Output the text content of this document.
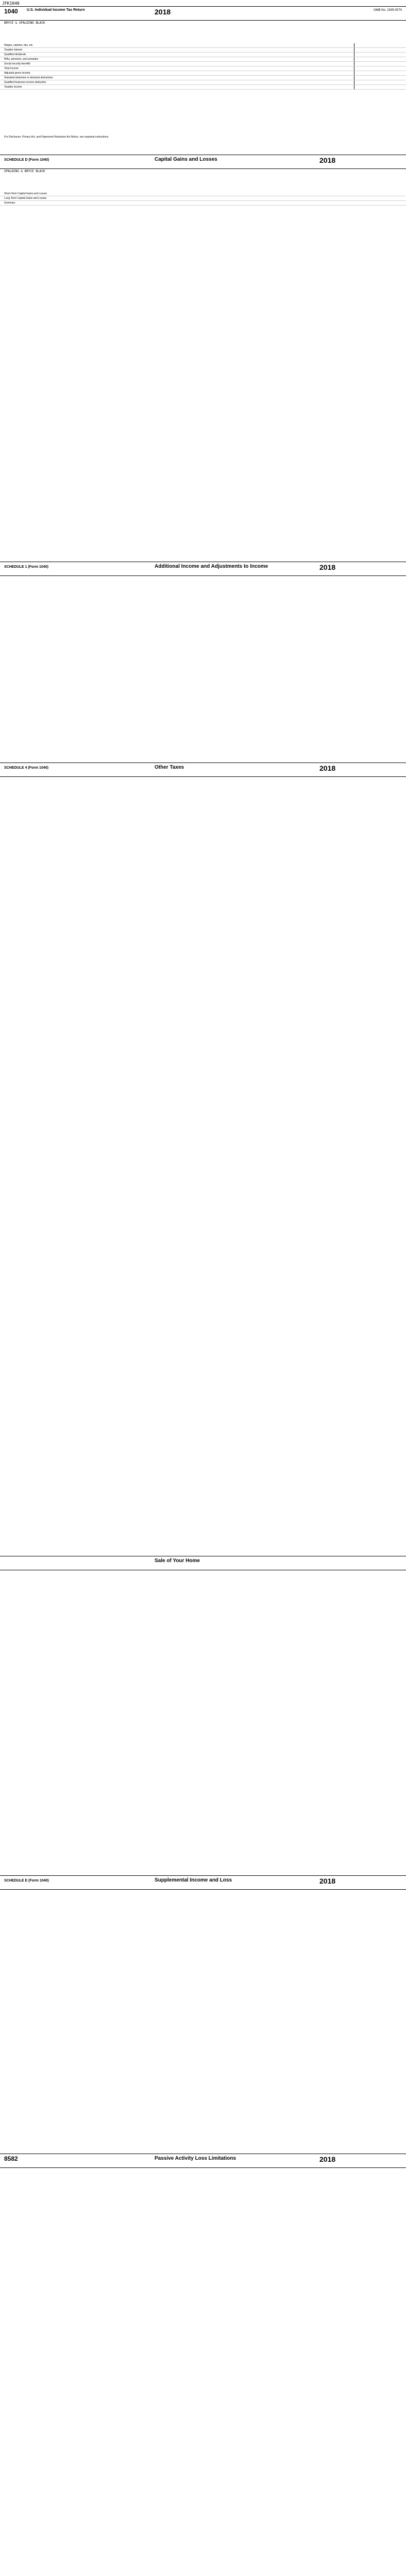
JFK1040
1040 U.S. Individual Income Tax Return	2018	OMB No. 1545-0074
BRYCE & SPALDING BLACK
Wages, salaries, tips, etc.
Taxable interest
Qualified dividends
IRAs, pensions, and annuities
Social security benefits
Total income
Adjusted gross income
Standard deduction or itemized deductions
Qualified business income deduction
Taxable income
For Disclosure, Privacy Act, and Paperwork Reduction Act Notice, see separate instructions.
SCHEDULE D (Form 1040)	Capital Gains and Losses	2018
SPALDING & BRYCE BLACK
Short-Term Capital Gains and Losses
Long-Term Capital Gains and Losses
Summary
SCHEDULE 1 (Form 1040)	Additional Income and Adjustments to Income	2018
SCHEDULE 4 (Form 1040)	Other Taxes	2018
Sale of Your Home
SCHEDULE E (Form 1040)	Supplemental Income and Loss	2018
8582	Passive Activity Loss Limitations	2018
